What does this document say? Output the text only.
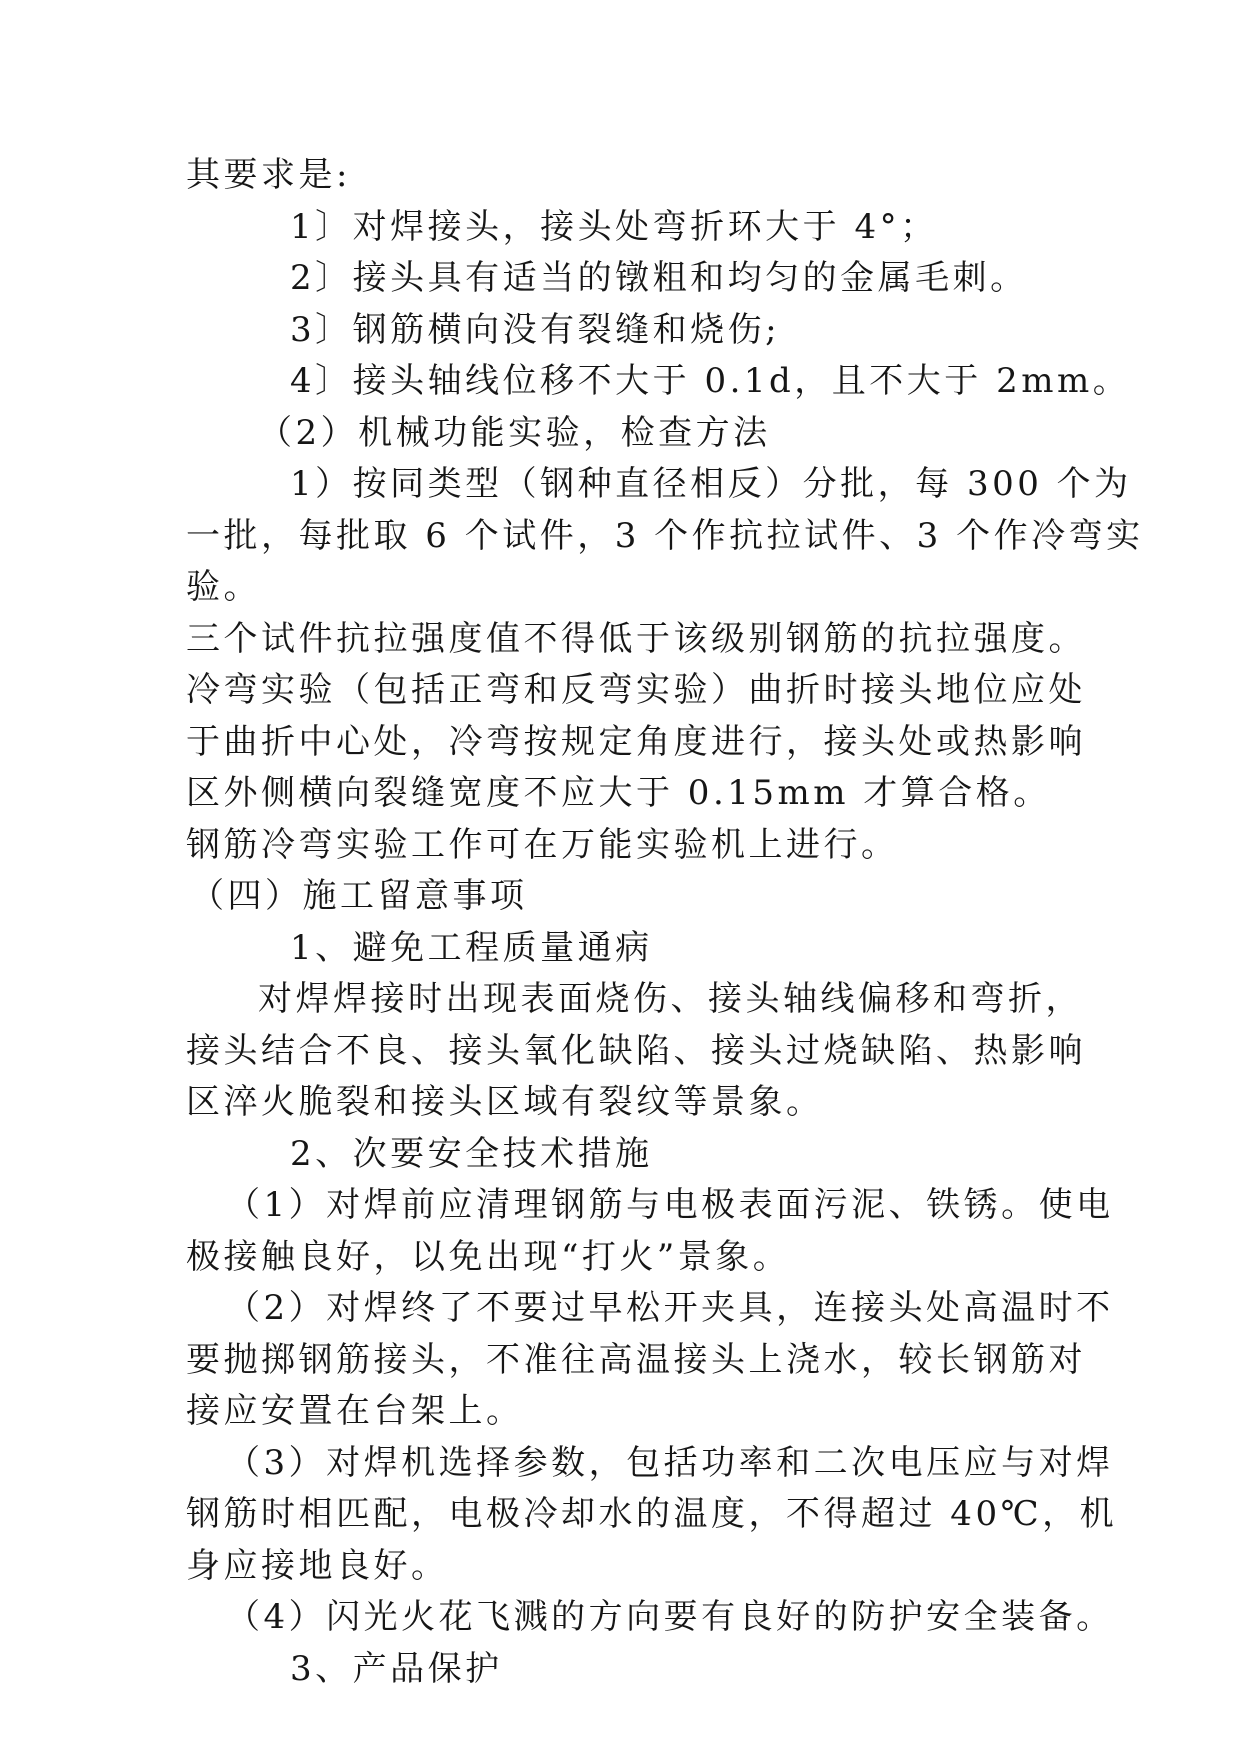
其要求是:
1〕对焊接头，接头处弯折环大于 4°；
2〕接头具有适当的镦粗和均匀的金属毛刺。
3〕钢筋横向没有裂缝和烧伤;
4〕接头轴线位移不大于 0.1d，且不大于 2mm。
（2）机械功能实验，检查方法
1）按同类型（钢种直径相反）分批，每 300 个为
一批，每批取 6 个试件，3 个作抗拉试件、3 个作冷弯实
验。
三个试件抗拉强度值不得低于该级别钢筋的抗拉强度。
冷弯实验（包括正弯和反弯实验）曲折时接头地位应处
于曲折中心处，冷弯按规定角度进行，接头处或热影响
区外侧横向裂缝宽度不应大于 0.15mm 才算合格。
钢筋冷弯实验工作可在万能实验机上进行。
（四）施工留意事项
1、避免工程质量通病
对焊焊接时出现表面烧伤、接头轴线偏移和弯折，
接头结合不良、接头氧化缺陷、接头过烧缺陷、热影响
区淬火脆裂和接头区域有裂纹等景象。
2、次要安全技术措施
（1）对焊前应清理钢筋与电极表面污泥、铁锈。使电
极接触良好，以免出现“打火”景象。
（2）对焊终了不要过早松开夹具，连接头处高温时不
要抛掷钢筋接头，不准往高温接头上浇水，较长钢筋对
接应安置在台架上。
（3）对焊机选择参数，包括功率和二次电压应与对焊
钢筋时相匹配，电极冷却水的温度，不得超过 40℃，机
身应接地良好。
（4）闪光火花飞溅的方向要有良好的防护安全装备。
3、产品保护
